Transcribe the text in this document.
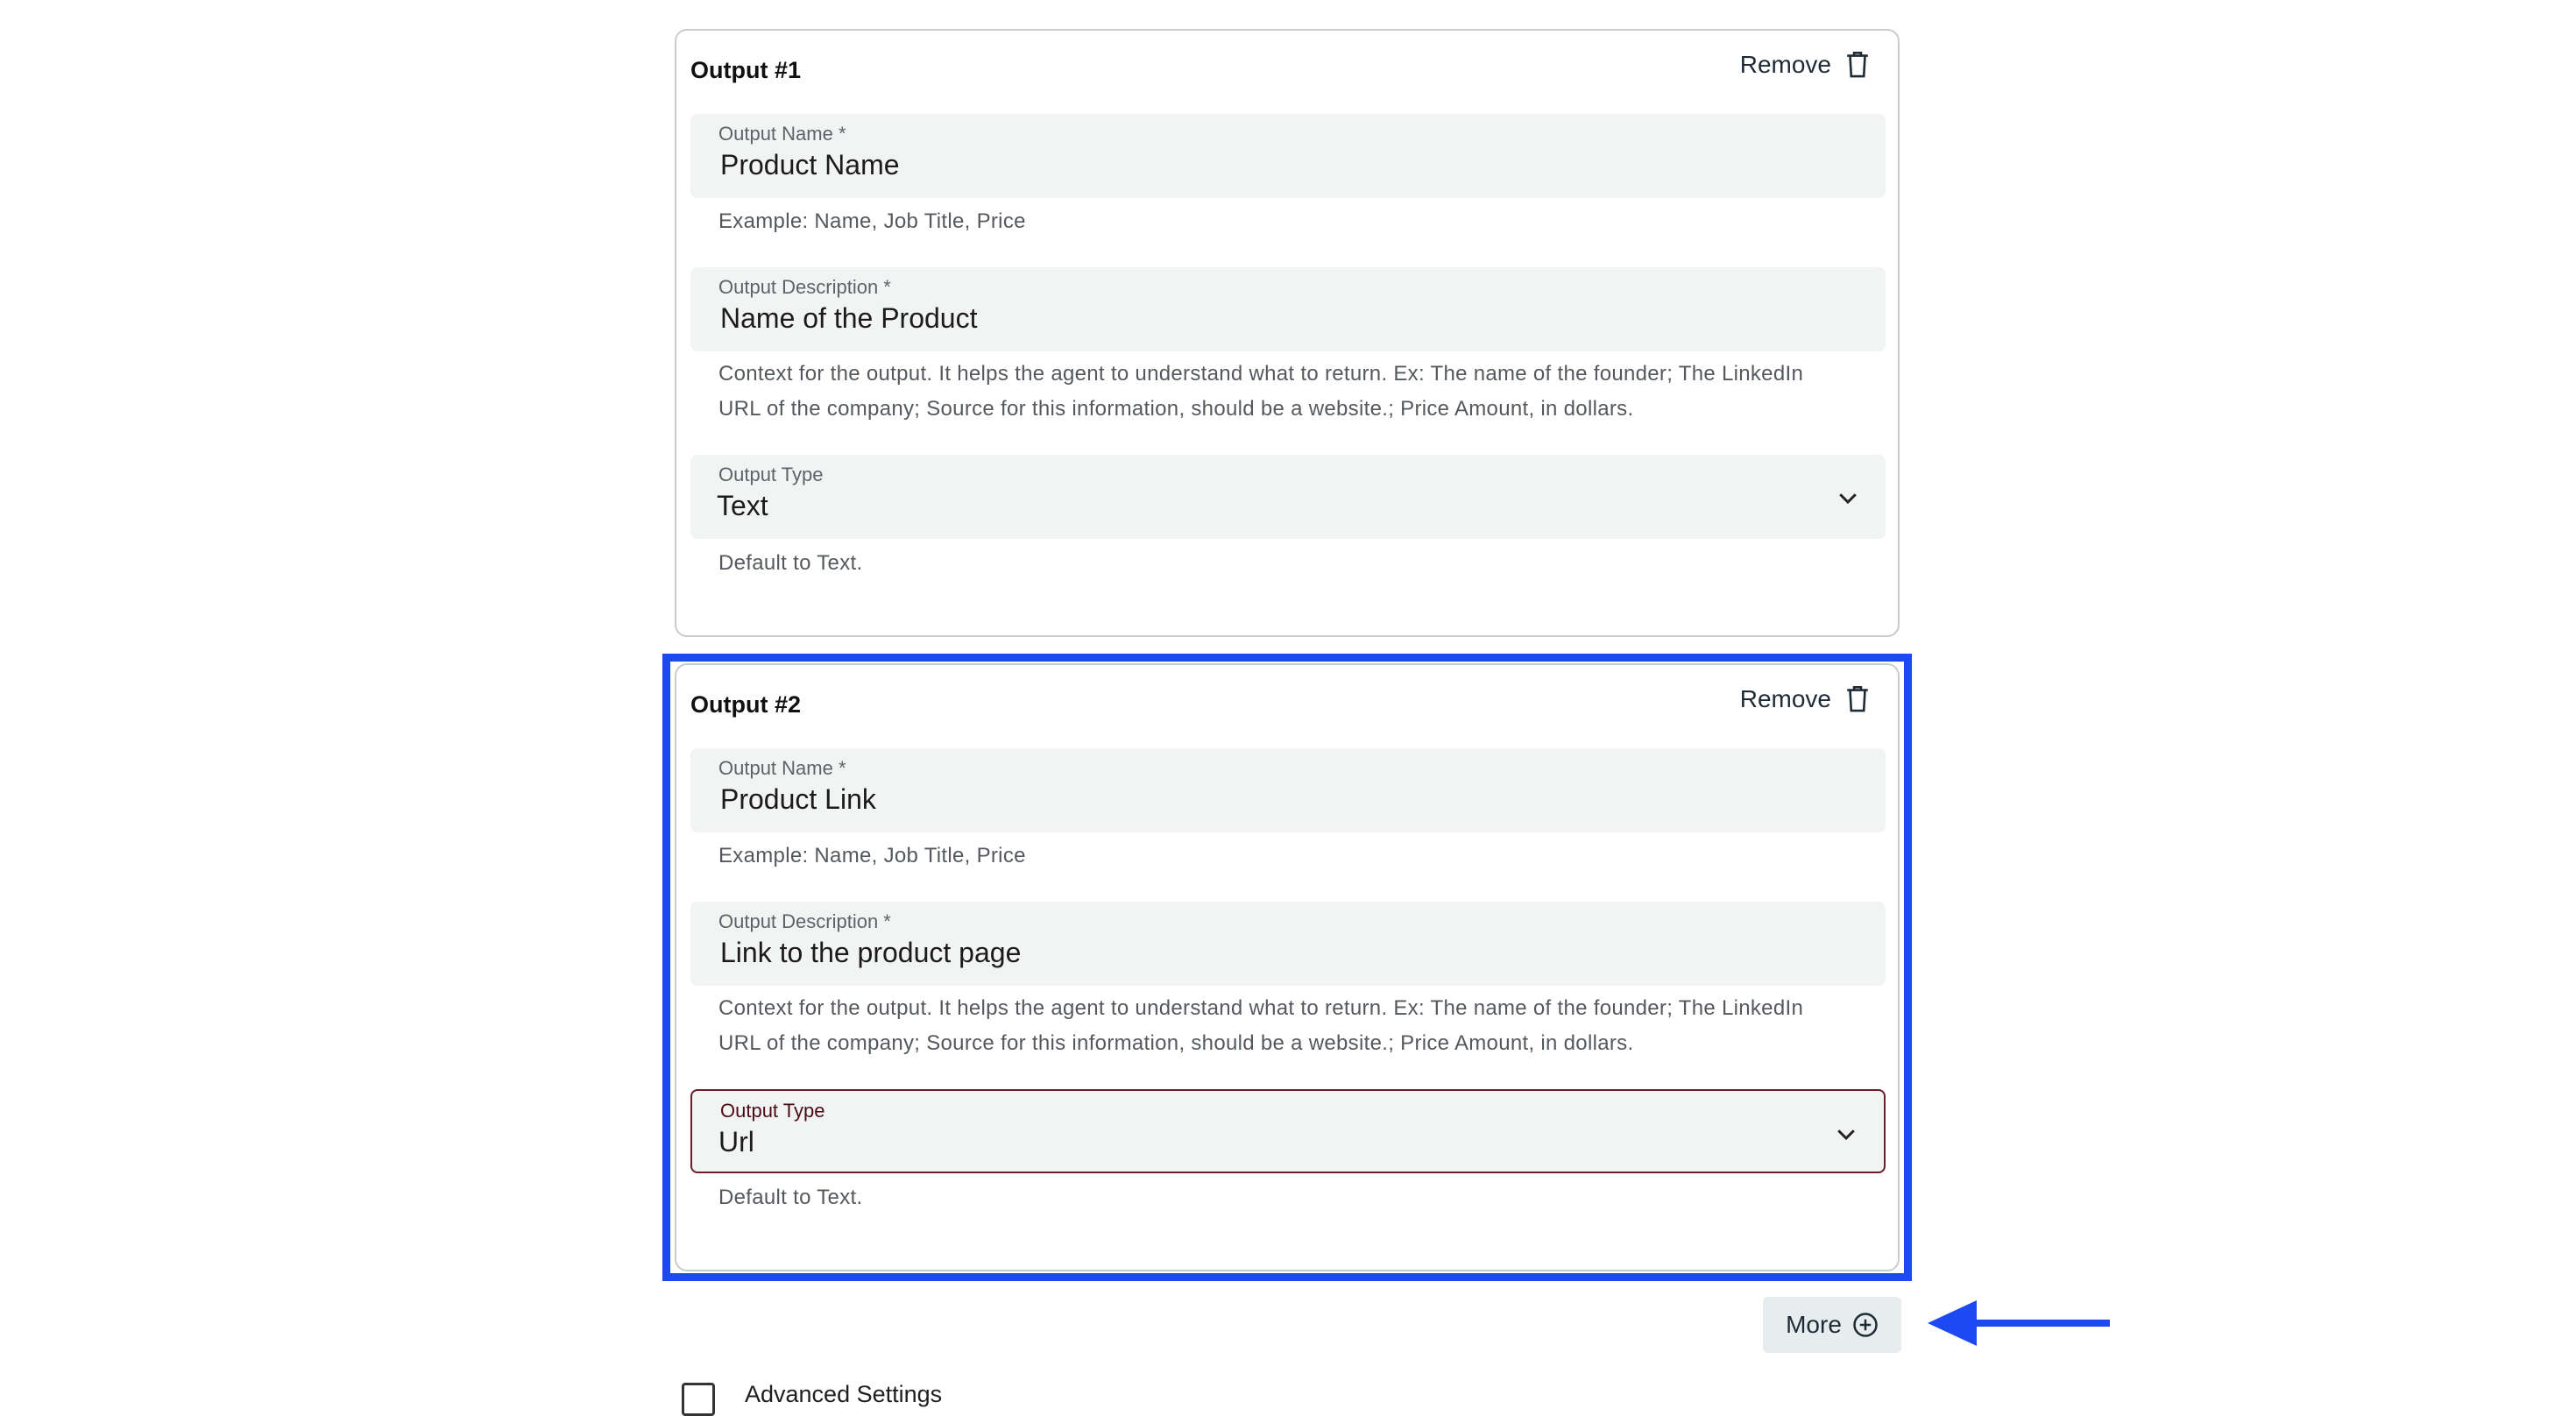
Output #1	Remove
Output Name *
Product Name
Example: Name, Job Title, Price
Output Description *
Name of the Product
Context for the output. It helps the agent to understand what to return. Ex: The name of the founder; The LinkedIn
URL of the company; Source for this information, should be a website.; Price Amount, in dollars.
Output Type
Text
Default to Text.
Output #2	Remove
Output Name *
Product Link
Example: Name, Job Title, Price
Output Description *
Link to the product page
Context for the output. It helps the agent to understand what to return. Ex: The name of the founder; The LinkedIn
URL of the company; Source for this information, should be a website.; Price Amount, in dollars.
Output Type
Url
Default to Text.
More
Advanced Settings
